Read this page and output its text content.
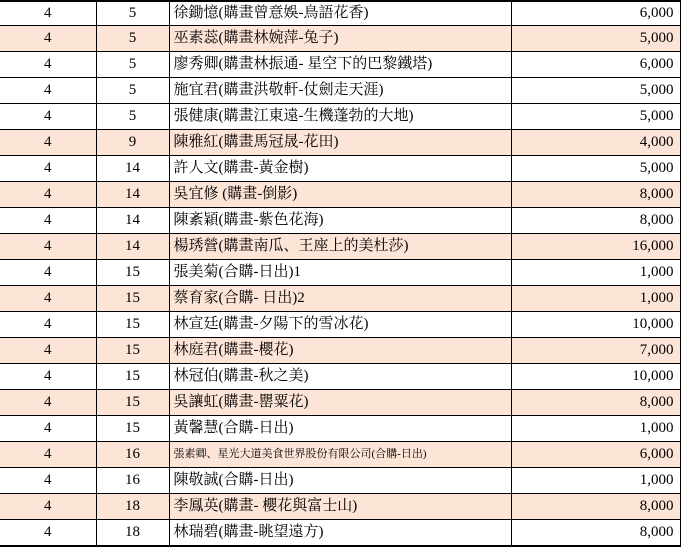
4	5	徐鋤憶(購畫曾意娛-鳥語花香)	6,000
4	5	巫素蕊(購畫林婉萍-兔子)	5,000
4	5	廖秀卿(購畫林振通- 星空下的巴黎鐵塔)	6,000
4	5	施宜君(購畫洪敬軒-仗劍走天涯)	5,000
4	5	張健康(購畫江東遠-生機蓬勃的大地)	5,000
4	9	陳雅紅(購畫馬冠晟-花田)	4,000
4	14	許人文(購畫-黃金樹)	5,000
4	14	吳宜修 (購畫-倒影)	8,000
4	14	陳紊穎(購畫-紫色花海)	8,000
4	14	楊琇營(購畫南瓜、王座上的美杜莎)	16,000
4	15	張美菊(合購-日出)1	1,000
4	15	蔡育家(合購- 日出)2	1,000
4	15	林宣廷(購畫-夕陽下的雪冰花)	10,000
4	15	林庭君(購畫-櫻花)	7,000
4	15	林冠伯(購畫-秋之美)	10,000
4	15	吳讓虹(購畫-罌粟花)	8,000
4	15	黃馨慧(合購-日出)	1,000
4	16	張素卿、星光大道美食世界股份有限公司(合購-日出)	6,000
4	16	陳敬誠(合購-日出)	1,000
4	18	李鳳英(購畫- 櫻花與富士山)	8,000
4	18	林瑞碧(購畫-眺望遠方)	8,000
